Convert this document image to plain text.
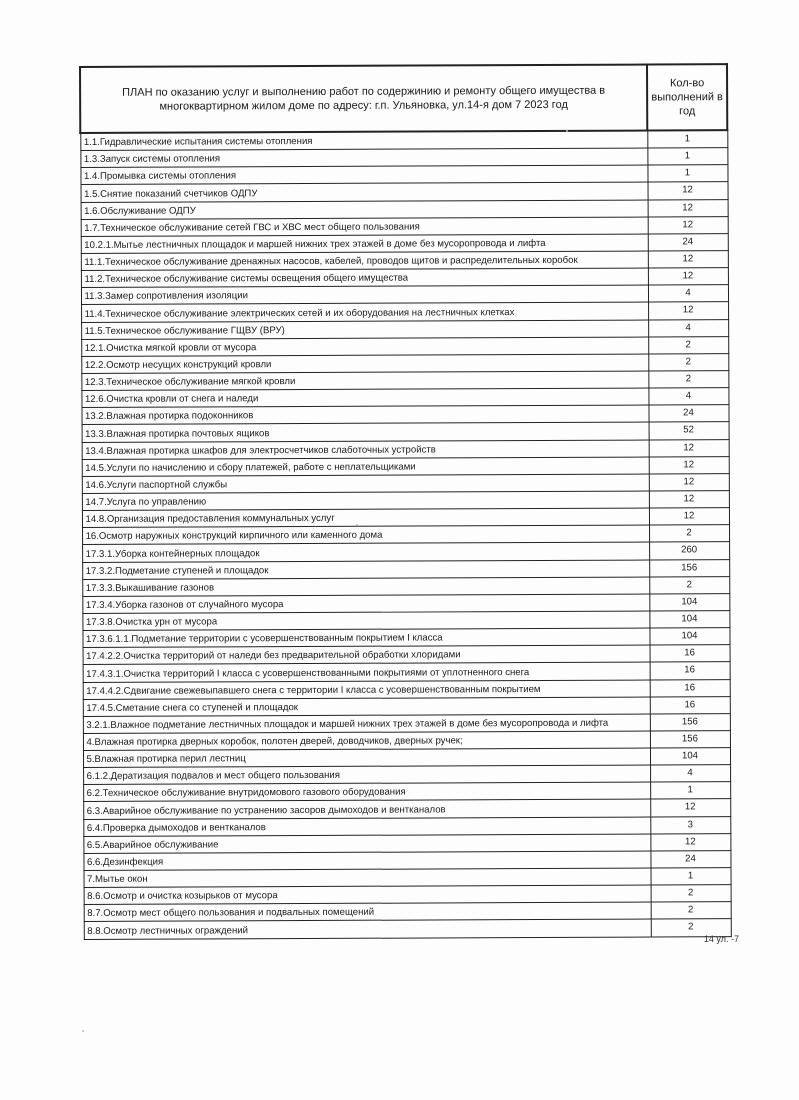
ПЛАН по оказанию услуг и выполнению работ по содержинию и ремонту общего имущества в многоквартирном жилом доме по адресу: г.п. Ульяновка, ул.14-я дом 7 2023 год	Кол-во выполнений в год
1.1.Гидравлические испытания системы отопления	1
1.3.Запуск системы отопления	1
1.4.Промывка системы отопления	1
1.5.Снятие показаний счетчиков ОДПУ	12
1.6.Обслуживание ОДПУ	12
1.7.Техническое обслуживание сетей ГВС и ХВС мест общего пользования	12
10.2.1.Мытье лестничных площадок и маршей нижних трех этажей в доме без мусоропровода и лифта	24
11.1.Техническое обслуживание дренажных насосов, кабелей, проводов щитов и распределительных коробок	12
11.2.Техническое обслуживание системы освещения общего имущества	12
11.3.Замер сопротивления изоляции	4
11.4.Техническое обслуживание электрических сетей и их оборудования на лестничных клетках	12
11.5.Техническое обслуживание ГЩВУ (ВРУ)	4
12.1.Очистка мягкой кровли от мусора	2
12.2.Осмотр несущих конструкций кровли	2
12.3.Техническое обслуживание мягкой кровли	2
12.6.Очистка кровли от снега и наледи	4
13.2.Влажная протирка подоконников	24
13.3.Влажная протирка почтовых ящиков	52
13.4.Влажная протирка шкафов для электросчетчиков слаботочных устройств	12
14.5.Услуги по начислению и сбору платежей, работе с неплательщиками	12
14.6.Услуги паспортной службы	12
14.7.Услуга по управлению	12
14.8.Организация предоставления коммунальных услуг	12
16.Осмотр наружных конструкций кирпичного или каменного дома	2
17.3.1.Уборка контейнерных площадок	260
17.3.2.Подметание ступеней и площадок	156
17.3.3.Выкашивание газонов	2
17.3.4.Уборка газонов от случайного мусора	104
17.3.8.Очистка урн от мусора	104
17.3.6.1.1.Подметание территории с усовершенствованным покрытием I класса	104
17.4.2.2.Очистка территорий от наледи без предварительной обработки хлоридами	16
17.4.3.1.Очистка территорий I класса с усовершенствованными покрытиями от уплотненного снега	16
17.4.4.2.Сдвигание свежевыпавшего снега с территории I класса с усовершенствованным покрытием	16
17.4.5.Сметание снега со ступеней и площадок	16
3.2.1.Влажное подметание лестничных площадок и маршей нижних трех этажей в доме без мусоропровода и лифта	156
4.Влажная протирка дверных коробок, полотен дверей, доводчиков, дверных ручек;	156
5.Влажная протирка перил лестниц	104
6.1.2.Дератизация подвалов и мест общего пользования	4
6.2.Техническое обслуживание внутридомового газового оборудования	1
6.3.Аварийное обслуживание по устранению засоров дымоходов и вентканалов	12
6.4.Проверка дымоходов и вентканалов	3
6.5.Аварийное обслуживание	12
6.6.Дезинфекция	24
7.Мытье окон	1
8.6.Осмотр и очистка козырьков от мусора	2
8.7.Осмотр мест общего пользования и подвальных помещений	2
8.8.Осмотр лестничных ограждений	2
14 ул. -7
